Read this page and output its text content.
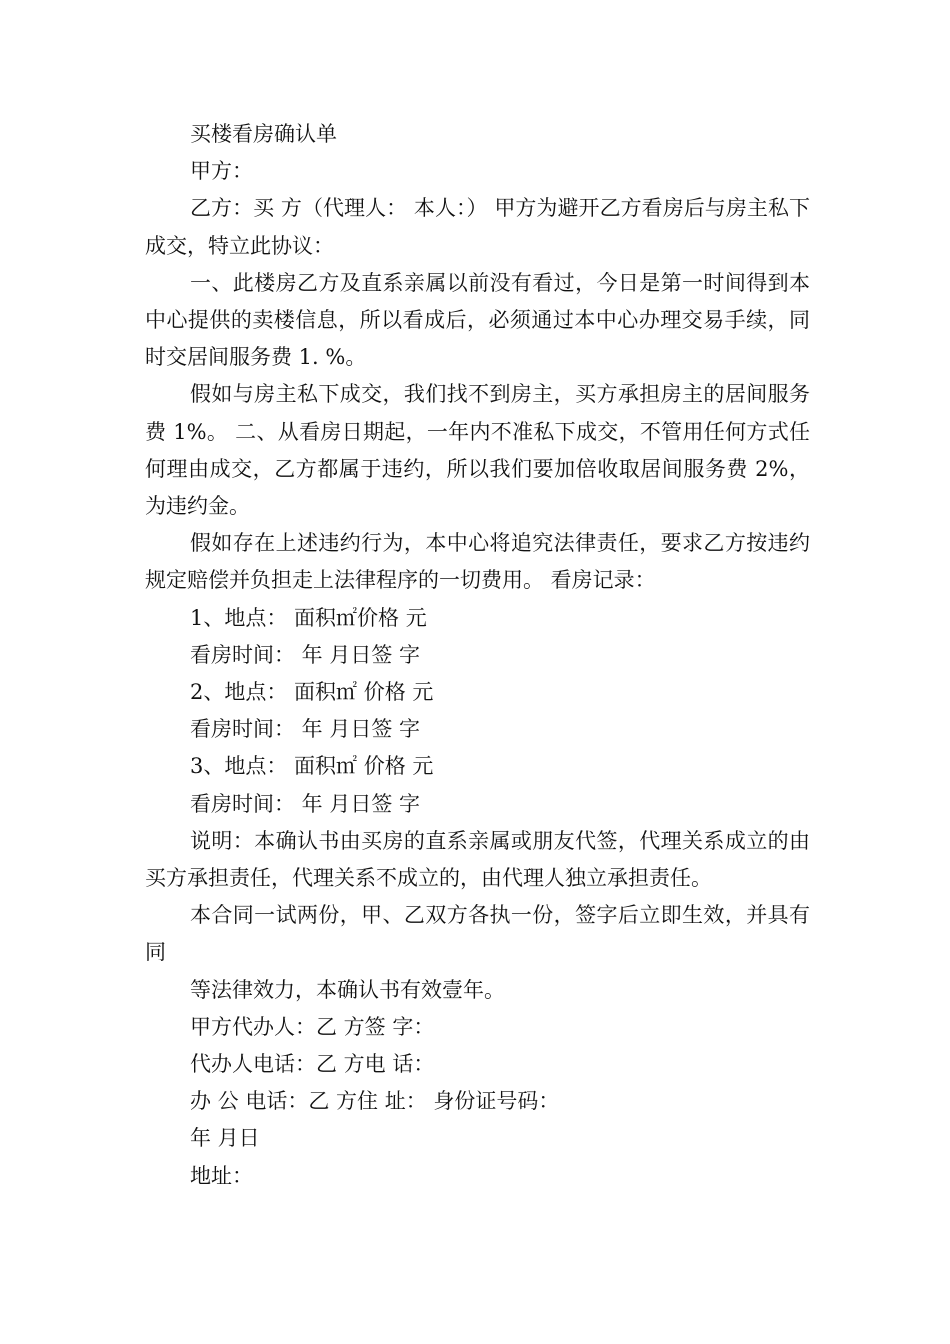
买楼看房确认单

甲方：

乙方：买 方（代理人： 本人：） 甲方为避开乙方看房后与房主私下成交，特立此协议：

一、此楼房乙方及直系亲属以前没有看过，今日是第一时间得到本中心提供的卖楼信息，所以看成后，必须通过本中心办理交易手续，同时交居间服务费 1. %。

假如与房主私下成交，我们找不到房主，买方承担房主的居间服务费 1%。 二、从看房日期起，一年内不准私下成交，不管用任何方式任何理由成交，乙方都属于违约，所以我们要加倍收取居间服务费 2%，为违约金。

假如存在上述违约行为，本中心将追究法律责任，要求乙方按违约规定赔偿并负担走上法律程序的一切费用。 看房记录：

1、地点： 面积㎡价格 元

看房时间： 年 月日签 字

2、地点： 面积㎡ 价格 元

看房时间： 年 月日签 字

3、地点： 面积㎡ 价格 元

看房时间： 年 月日签 字

说明：本确认书由买房的直系亲属或朋友代签，代理关系成立的由买方承担责任，代理关系不成立的，由代理人独立承担责任。

本合同一试两份，甲、乙双方各执一份，签字后立即生效，并具有同

等法律效力，本确认书有效壹年。

甲方代办人：乙 方签 字：

代办人电话：乙 方电 话：

办 公 电话：乙 方住 址： 身份证号码：

年 月日

地址：
